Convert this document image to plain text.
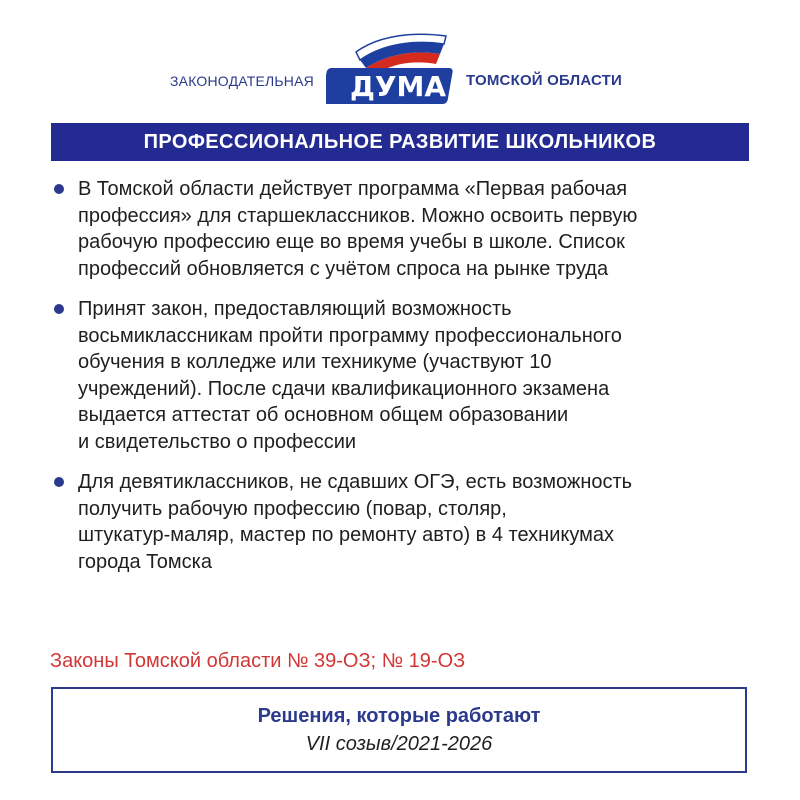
ЗАКОНОДАТЕЛЬНАЯ ДУМА ТОМСКОЙ ОБЛАСТИ
ПРОФЕССИОНАЛЬНОЕ РАЗВИТИЕ ШКОЛЬНИКОВ

В Томской области действует программа «Первая рабочая
профессия» для старшеклассников. Можно освоить первую
рабочую профессию еще во время учебы в школе. Список
профессий обновляется с учётом спроса на рынке труда

Принят закон, предоставляющий возможность
восьмиклассникам пройти программу профессионального
обучения в колледже или техникуме (участвуют 10
учреждений). После сдачи квалификационного экзамена
выдается аттестат об основном общем образовании
и свидетельство о профессии

Для девятиклассников, не сдавших ОГЭ, есть возможность
получить рабочую профессию (повар, столяр,
штукатур-маляр, мастер по ремонту авто) в 4 техникумах
города Томска

Законы Томской области № 39-ОЗ; № 19-ОЗ
Решения, которые работают
VII созыв/2021-2026
